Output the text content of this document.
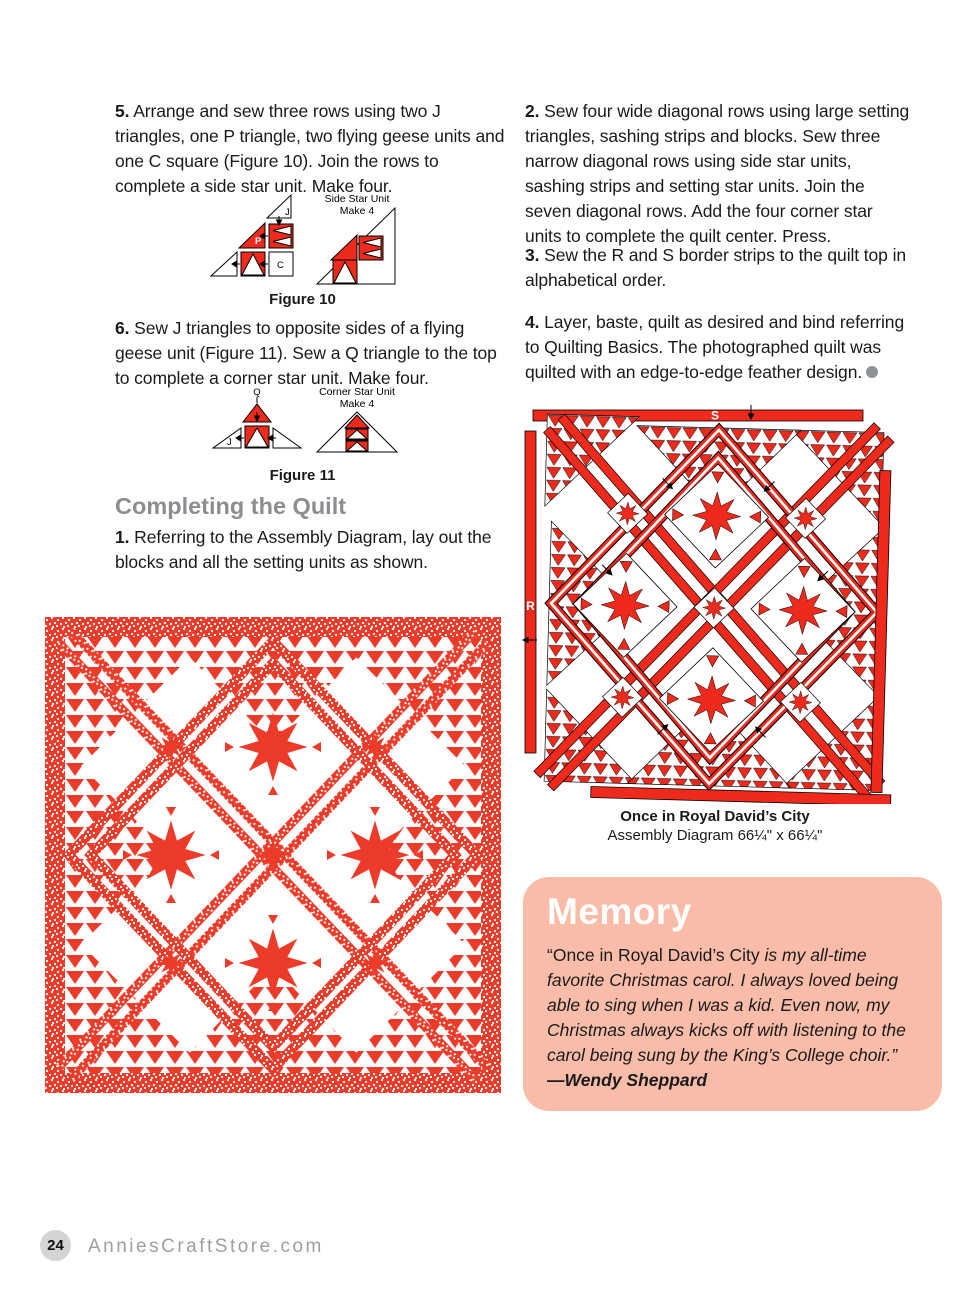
5. Arrange and sew three rows using two J triangles, one P triangle, two flying geese units and one C square (Figure 10). Join the rows to complete a side star unit. Make four.

J
P
C
Side Star Unit
Make 4

Figure 10

6. Sew J triangles to opposite sides of a flying geese unit (Figure 11). Sew a Q triangle to the top to complete a corner star unit. Make four.

Q
J
Corner Star Unit
Make 4

Figure 11

Completing the Quilt

1. Referring to the Assembly Diagram, lay out the blocks and all the setting units as shown.

2. Sew four wide diagonal rows using large setting triangles, sashing strips and blocks. Sew three narrow diagonal rows using side star units, sashing strips and setting star units. Join the seven diagonal rows. Add the four corner star units to complete the quilt center. Press.

3. Sew the R and S border strips to the quilt top in alphabetical order.

4. Layer, baste, quilt as desired and bind referring to Quilting Basics. The photographed quilt was quilted with an edge-to-edge feather design.

S
R

Once in Royal David’s City

Assembly Diagram 66¼" x 66¼"

Memory

“Once in Royal David’s City is my all-time favorite Christmas carol. I always loved being able to sing when I was a kid. Even now, my Christmas always kicks off with listening to the carol being sung by the King’s College choir.”

—Wendy Sheppard

24 AnniesCraftStore.com
